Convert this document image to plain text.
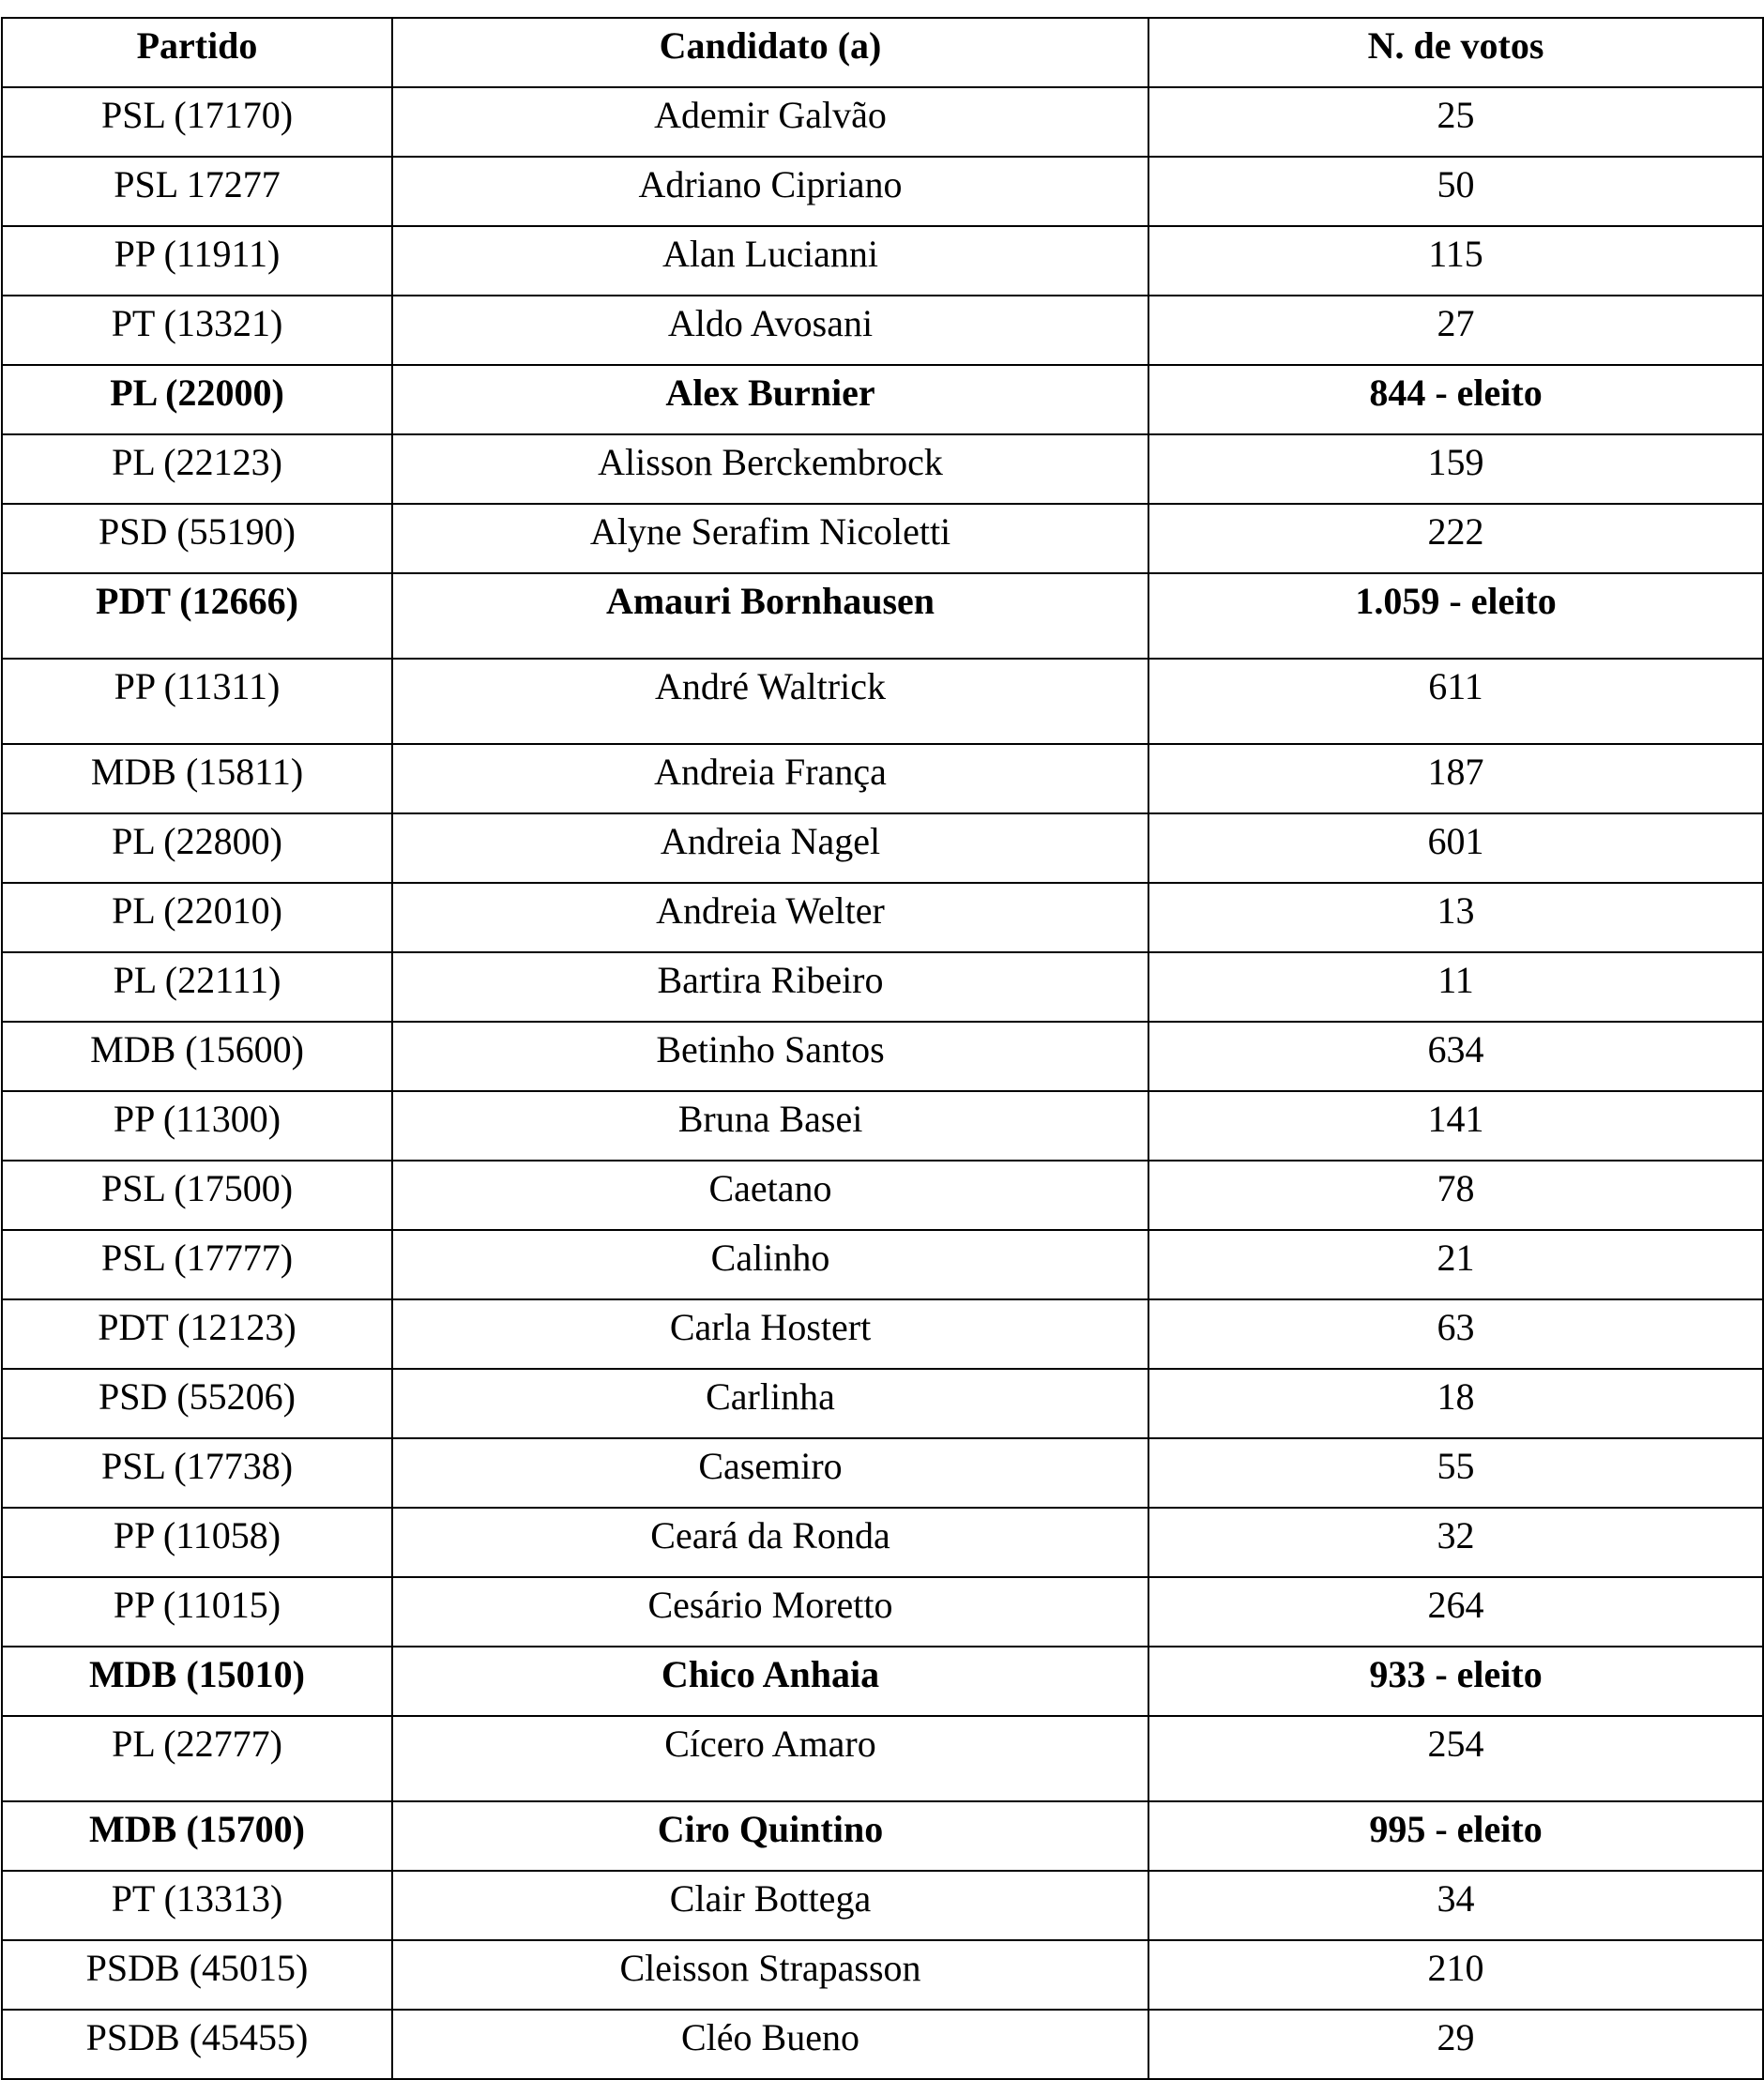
Partido	Candidato (a)	N. de votos
PSL (17170)	Ademir Galvão	25
PSL 17277	Adriano Cipriano	50
PP (11911)	Alan Lucianni	115
PT (13321)	Aldo Avosani	27
PL (22000)	Alex Burnier	844 - eleito
PL (22123)	Alisson Berckembrock	159
PSD (55190)	Alyne Serafim Nicoletti	222
PDT (12666)	Amauri Bornhausen	1.059 - eleito
PP (11311)	André Waltrick	611
MDB (15811)	Andreia França	187
PL (22800)	Andreia Nagel	601
PL (22010)	Andreia Welter	13
PL (22111)	Bartira Ribeiro	11
MDB (15600)	Betinho Santos	634
PP (11300)	Bruna Basei	141
PSL (17500)	Caetano	78
PSL (17777)	Calinho	21
PDT (12123)	Carla Hostert	63
PSD (55206)	Carlinha	18
PSL (17738)	Casemiro	55
PP (11058)	Ceará da Ronda	32
PP (11015)	Cesário Moretto	264
MDB (15010)	Chico Anhaia	933 - eleito
PL (22777)	Cícero Amaro	254
MDB (15700)	Ciro Quintino	995 - eleito
PT (13313)	Clair Bottega	34
PSDB (45015)	Cleisson Strapasson	210
PSDB (45455)	Cléo Bueno	29
